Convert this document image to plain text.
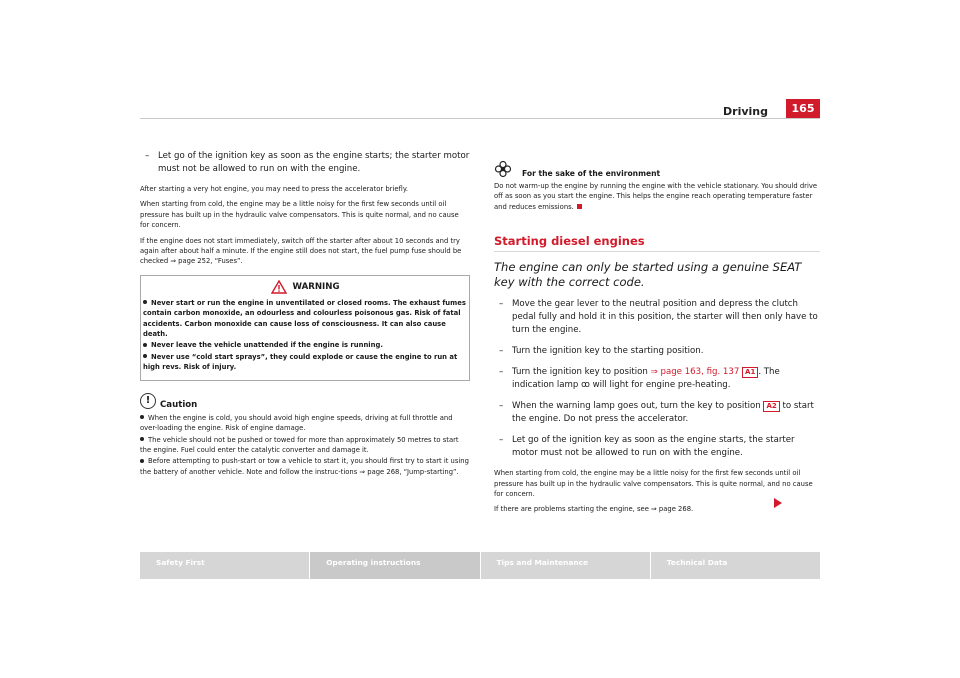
Driving	165
– Let go of the ignition key as soon as the engine starts; the starter motor must not be allowed to run on with the engine.

After starting a very hot engine, you may need to press the accelerator briefly.

When starting from cold, the engine may be a little noisy for the first few seconds until oil pressure has built up in the hydraulic valve compensators. This is quite normal, and no cause for concern.

If the engine does not start immediately, switch off the starter after about 10 seconds and try again after about half a minute. If the engine still does not start, the fuel pump fuse should be checked ⇒ page 252, “Fuses”.

WARNING
Never start or run the engine in unventilated or closed rooms. The exhaust fumes contain carbon monoxide, an odourless and colourless poisonous gas. Risk of fatal accidents. Carbon monoxide can cause loss of consciousness. It can also cause death.
Never leave the vehicle unattended if the engine is running.
Never use “cold start sprays”, they could explode or cause the engine to run at high revs. Risk of injury.
!	Caution
When the engine is cold, you should avoid high engine speeds, driving at full throttle and over-loading the engine. Risk of engine damage.
The vehicle should not be pushed or towed for more than approximately 50 metres to start the engine. Fuel could enter the catalytic converter and damage it.
Before attempting to push-start or tow a vehicle to start it, you should first try to start it using the battery of another vehicle. Note and follow the instruc-tions ⇒ page 268, “Jump-starting”.
For the sake of the environment

Do not warm-up the engine by running the engine with the vehicle stationary. You should drive off as soon as you start the engine. This helps the engine reach operating temperature faster and reduces emissions.

Starting diesel engines
The engine can only be started using a genuine SEAT key with the correct code.
– Move the gear lever to the neutral position and depress the clutch pedal fully and hold it in this position, the starter will then only have to turn the engine.
– Turn the ignition key to the starting position.
– Turn the ignition key to position ⇒ page 163, fig. 137 A1 . The indication lamp ꝏ will light for engine pre-heating.
– When the warning lamp goes out, turn the key to position A2 to start the engine. Do not press the accelerator.
– Let go of the ignition key as soon as the engine starts, the starter motor must not be allowed to run on with the engine.

When starting from cold, the engine may be a little noisy for the first few seconds until oil pressure has built up in the hydraulic valve compensators. This is quite normal, and no cause for concern.

If there are problems starting the engine, see ⇒ page 268.

Safety First	Operating instructions	Tips and Maintenance	Technical Data
